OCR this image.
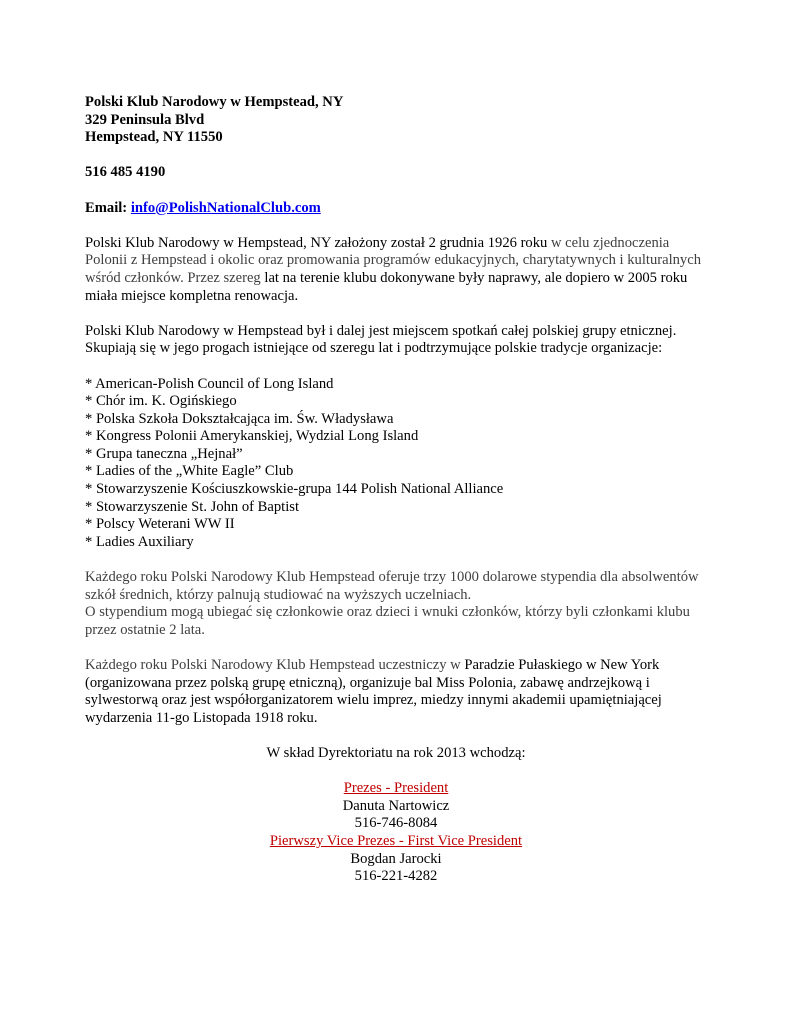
Polski Klub Narodowy w Hempstead, NY

329 Peninsula Blvd

Hempstead, NY 11550

516 485 4190

Email: info@PolishNationalClub.com

Polski Klub Narodowy w Hempstead, NY założony został 2 grudnia 1926 roku w celu zjednoczenia Polonii z Hempstead i okolic oraz promowania programów edukacyjnych, charytatywnych i kulturalnych wśród członków. Przez szereg lat na terenie klubu dokonywane były naprawy, ale dopiero w 2005 roku miała miejsce kompletna renowacja.

Polski Klub Narodowy w Hempstead był i dalej jest miejscem spotkań całej polskiej grupy etnicznej. Skupiają się w jego progach istniejące od szeregu lat i podtrzymujące polskie tradycje organizacje:

* American-Polish Council of Long Island
* Chór im. K. Ogińskiego
* Polska Szkoła Dokształcająca im. Św. Władysława
* Kongress Polonii Amerykanskiej, Wydzial Long Island
* Grupa taneczna „Hejnał”
* Ladies of the „White Eagle” Club
* Stowarzyszenie Kościuszkowskie-grupa 144 Polish National Alliance
* Stowarzyszenie St. John of Baptist
* Polscy Weterani WW II
* Ladies Auxiliary

Każdego roku Polski Narodowy Klub Hempstead oferuje trzy 1000 dolarowe stypendia dla absolwentów szkół średnich, którzy palnują studiować na wyższych uczelniach.

O stypendium mogą ubiegać się członkowie oraz dzieci i wnuki członków, którzy byli członkami klubu przez ostatnie 2 lata.

Każdego roku Polski Narodowy Klub Hempstead uczestniczy w Paradzie Pułaskiego w New York (organizowana przez polską grupę etniczną), organizuje bal Miss Polonia, zabawę andrzejkową i sylwestorwą oraz jest współorganizatorem wielu imprez, miedzy innymi akademii upamiętniającej wydarzenia 11-go Listopada 1918 roku.

W skład Dyrektoriatu na rok 2013 wchodzą:

Prezes - President

Danuta Nartowicz

516-746-8084

Pierwszy Vice Prezes - First Vice President

Bogdan Jarocki

516-221-4282
